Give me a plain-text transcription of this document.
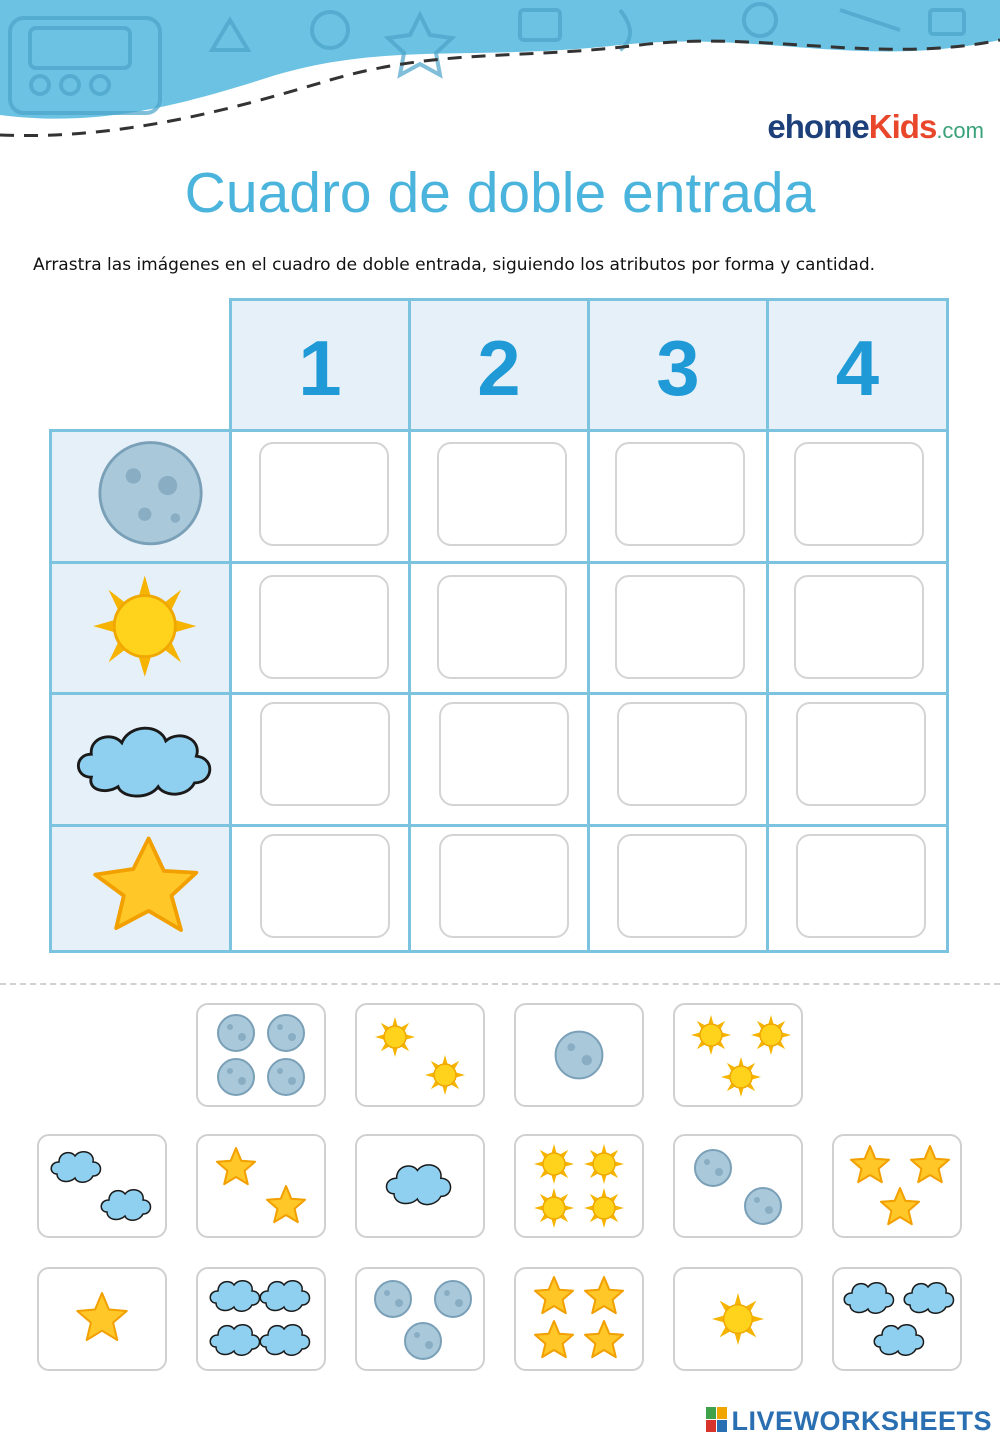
ehomeKids.com
Cuadro de doble entrada
Arrastra las imágenes en el cuadro de doble entrada, siguiendo los atributos por forma y cantidad.
1	2	3	4
LIVEWORKSHEETS
